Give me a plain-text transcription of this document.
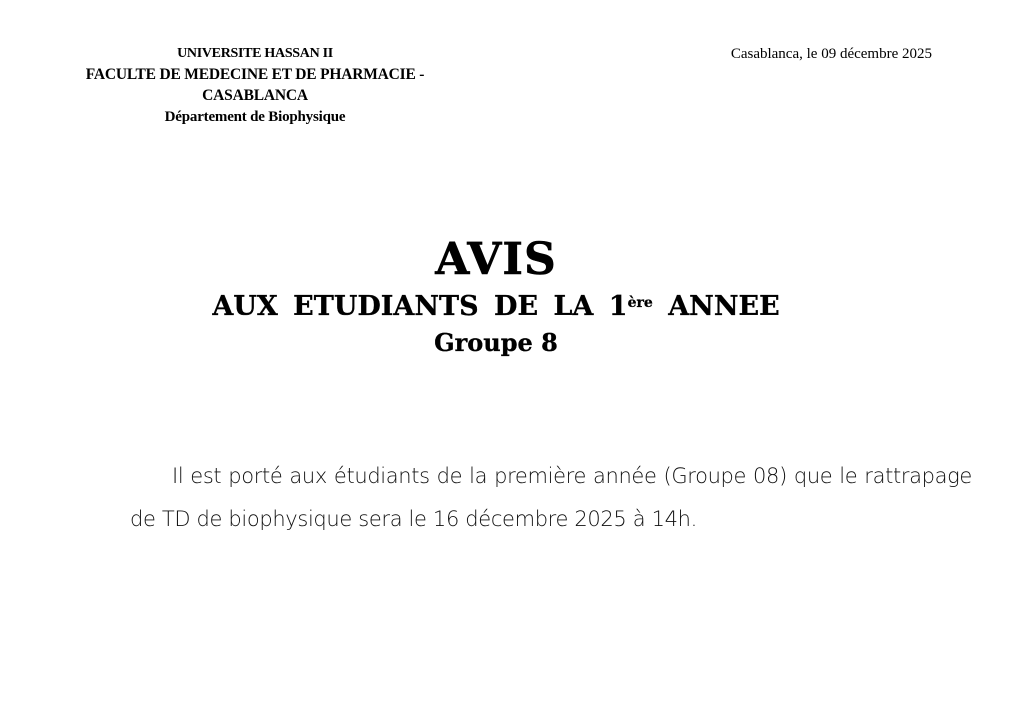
UNIVERSITE HASSAN II
FACULTE DE MEDECINE ET DE PHARMACIE - CASABLANCA
Département de Biophysique
Casablanca, le 09 décembre 2025
AVIS
AUX ETUDIANTS DE LA 1ère ANNEE
Groupe 8
Il est porté aux étudiants de la première année (Groupe 08) que le rattrapage de TD de biophysique sera le 16 décembre 2025 à 14h.
